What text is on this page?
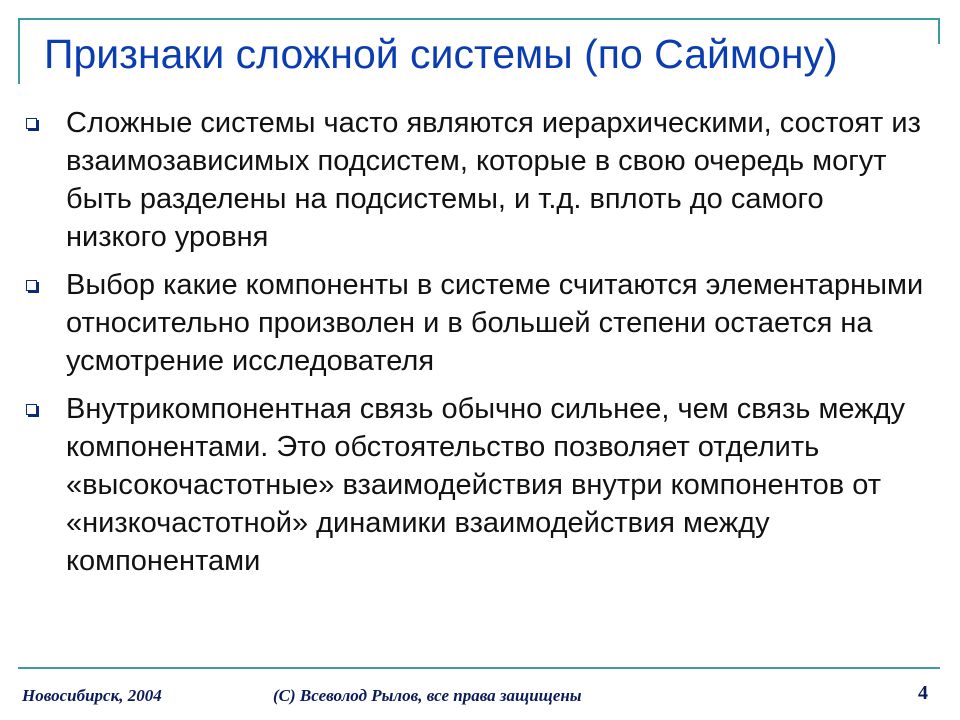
Признаки сложной системы (по Саймону)
Сложные системы часто являются иерархическими, состоят из взаимозависимых подсистем, которые в свою очередь могут быть разделены на подсистемы, и т.д. вплоть до самого низкого уровня
Выбор какие компоненты в системе считаются элементарными относительно произволен и в большей степени остается на усмотрение исследователя
Внутрикомпонентная связь обычно сильнее, чем связь между компонентами. Это обстоятельство позволяет отделить «высокочастотные» взаимодействия внутри компонентов от «низкочастотной» динамики взаимодействия между компонентами
Новосибирск, 2004	(С) Всеволод Рылов, все права защищены	4
